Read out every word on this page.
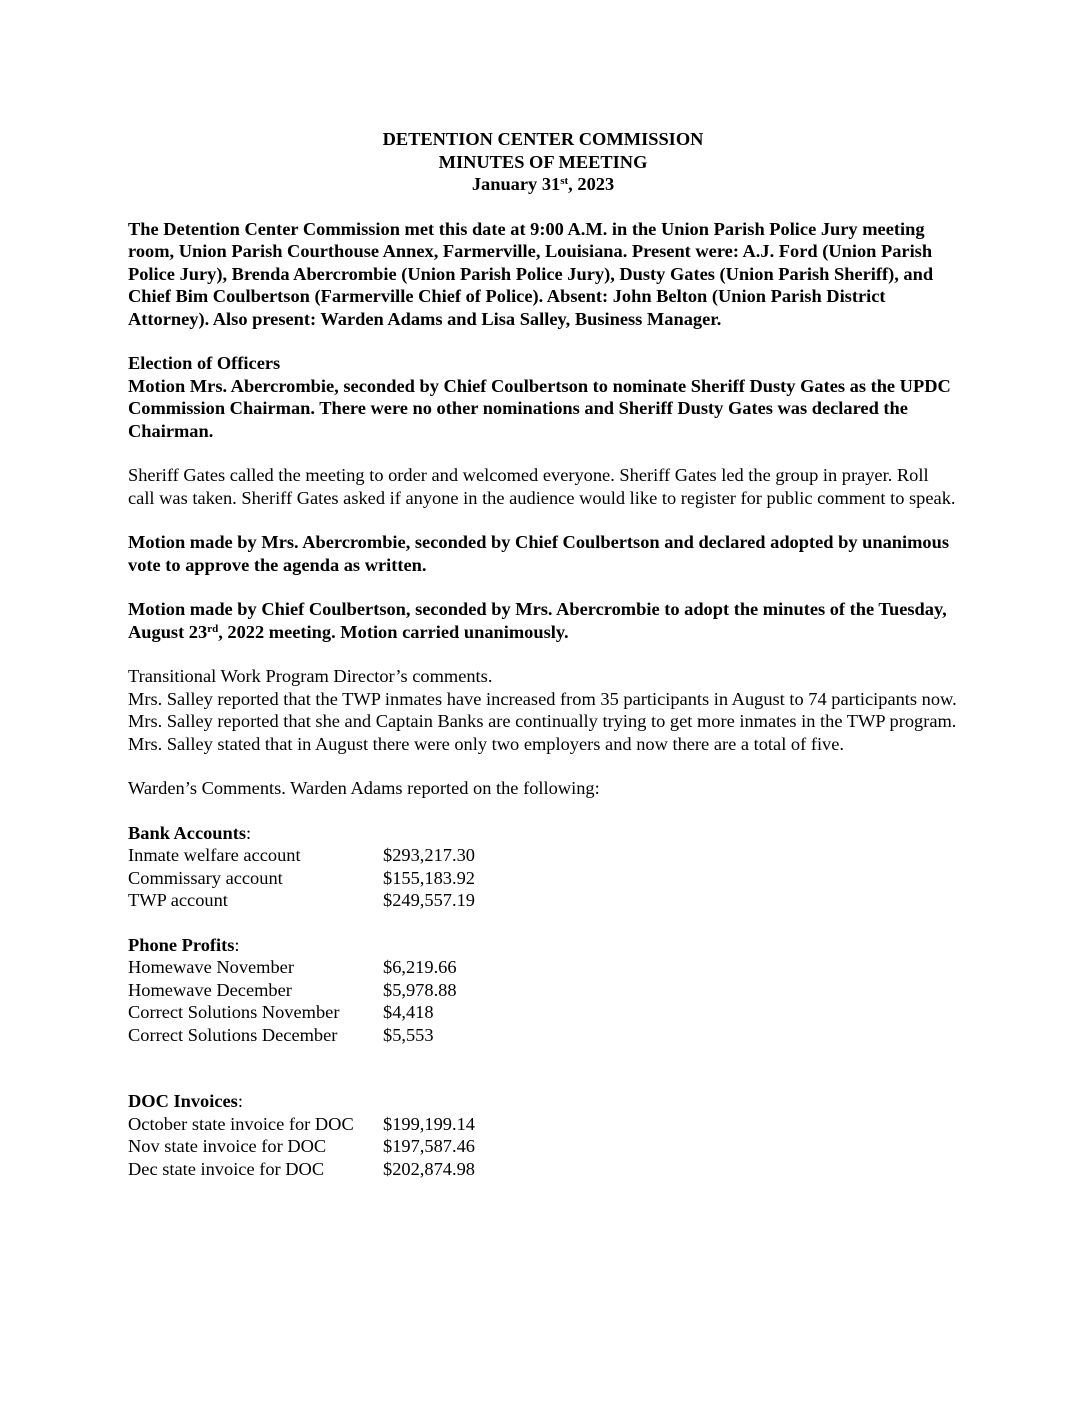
DETENTION CENTER COMMISSION
MINUTES OF MEETING
January 31st, 2023

The Detention Center Commission met this date at 9:00 A.M. in the Union Parish Police Jury meeting room, Union Parish Courthouse Annex, Farmerville, Louisiana. Present were: A.J. Ford (Union Parish Police Jury), Brenda Abercrombie (Union Parish Police Jury), Dusty Gates (Union Parish Sheriff), and Chief Bim Coulbertson (Farmerville Chief of Police). Absent: John Belton (Union Parish District Attorney). Also present: Warden Adams and Lisa Salley, Business Manager.

Election of Officers

Motion Mrs. Abercrombie, seconded by Chief Coulbertson to nominate Sheriff Dusty Gates as the UPDC Commission Chairman. There were no other nominations and Sheriff Dusty Gates was declared the Chairman.

Sheriff Gates called the meeting to order and welcomed everyone. Sheriff Gates led the group in prayer. Roll call was taken. Sheriff Gates asked if anyone in the audience would like to register for public comment to speak.

Motion made by Mrs. Abercrombie, seconded by Chief Coulbertson and declared adopted by unanimous vote to approve the agenda as written.

Motion made by Chief Coulbertson, seconded by Mrs. Abercrombie to adopt the minutes of the Tuesday, August 23rd, 2022 meeting. Motion carried unanimously.

Transitional Work Program Director’s comments.

Mrs. Salley reported that the TWP inmates have increased from 35 participants in August to 74 participants now. Mrs. Salley reported that she and Captain Banks are continually trying to get more inmates in the TWP program. Mrs. Salley stated that in August there were only two employers and now there are a total of five.

Warden’s Comments. Warden Adams reported on the following:

Bank Accounts:

Inmate welfare account	$293,217.30
Commissary account	$155,183.92
TWP account	$249,557.19

Phone Profits:

Homewave November	$6,219.66
Homewave December	$5,978.88
Correct Solutions November	$4,418
Correct Solutions December	$5,553

DOC Invoices:

October state invoice for DOC	$199,199.14
Nov state invoice for DOC	$197,587.46
Dec state invoice for DOC	$202,874.98
